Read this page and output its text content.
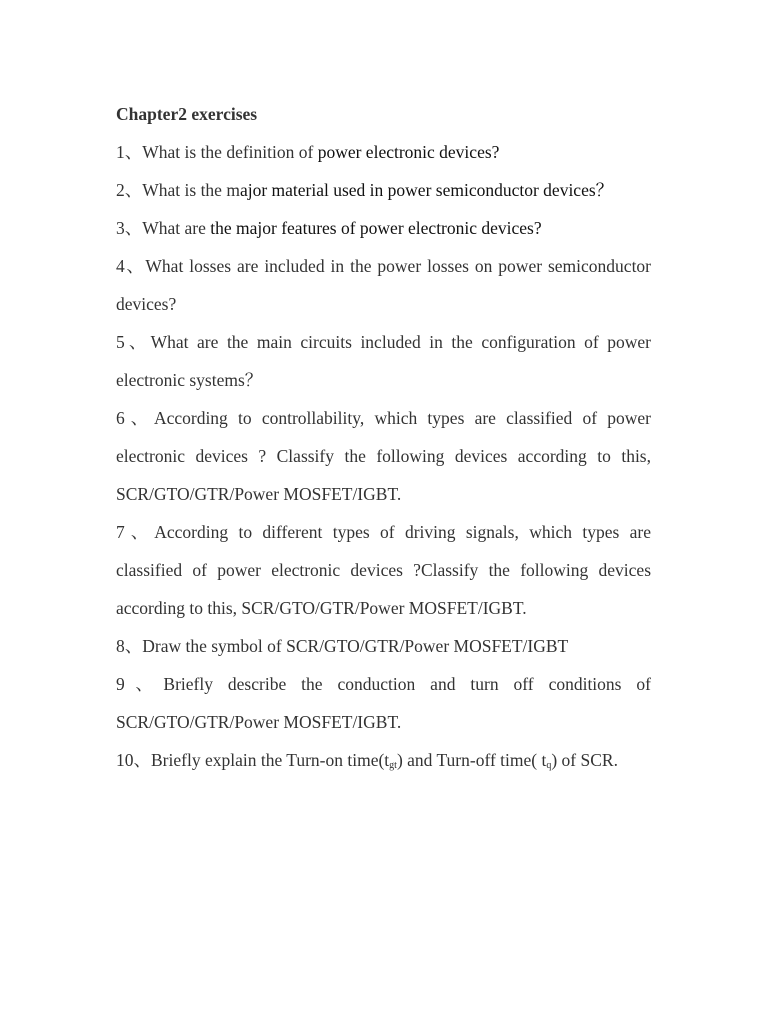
Chapter2 exercises

1、What is the definition of power electronic devices?

2、What is the major material used in power semiconductor devices？

3、What are the major features of power electronic devices?

4、What losses are included in the power losses on power semiconductor devices?

5、What are the main circuits included in the configuration of power electronic systems？

6、According to controllability, which types are classified of power electronic devices ? Classify the following devices according to this, SCR/GTO/GTR/Power MOSFET/IGBT.

7、According to different types of driving signals, which types are classified of power electronic devices ?Classify the following devices according to this, SCR/GTO/GTR/Power MOSFET/IGBT.

8、Draw the symbol of SCR/GTO/GTR/Power MOSFET/IGBT

9、Briefly describe the conduction and turn off conditions of SCR/GTO/GTR/Power MOSFET/IGBT.

10、Briefly explain the Turn-on $time(t_{gt})$ and Turn-off time( $t_q$) of SCR.
